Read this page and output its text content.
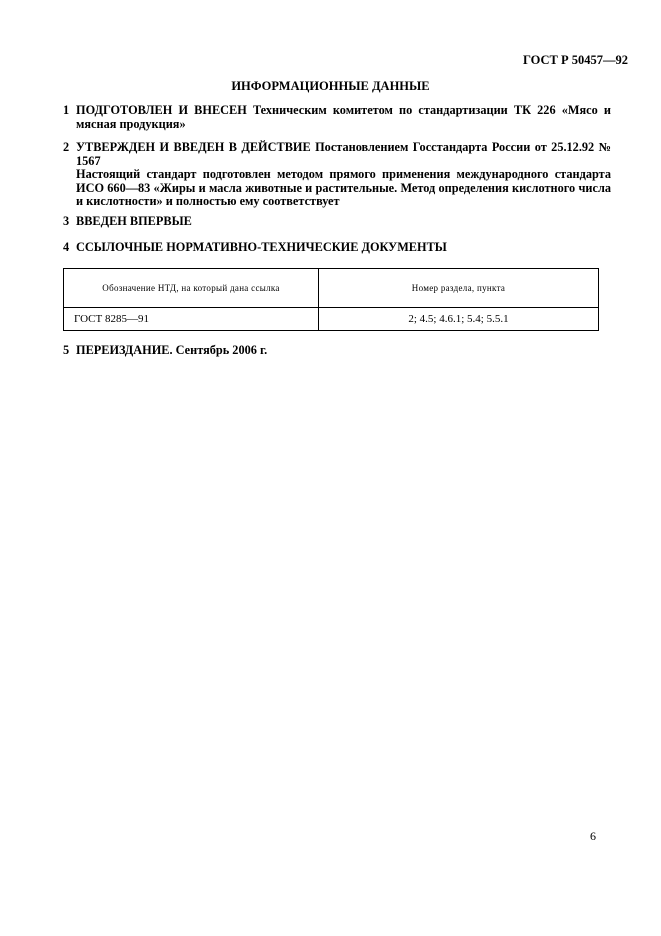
ГОСТ Р 50457—92
ИНФОРМАЦИОННЫЕ ДАННЫЕ
1 ПОДГОТОВЛЕН И ВНЕСЕН Техническим комитетом по стандартизации ТК 226 «Мясо и мясная продукция»

2 УТВЕРЖДЕН И ВВЕДЕН В ДЕЙСТВИЕ Постановлением Госстандарта России от 25.12.92 № 1567

Настоящий стандарт подготовлен методом прямого применения международного стандарта ИСО 660—83 «Жиры и масла животные и растительные. Метод определения кислотного числа и кислотности» и полностью ему соответствует

3 ВВЕДЕН ВПЕРВЫЕ

4 ССЫЛОЧНЫЕ НОРМАТИВНО-ТЕХНИЧЕСКИЕ ДОКУМЕНТЫ

Обозначение НТД, на который дана ссылка	Номер раздела, пункта
ГОСТ 8285—91	2; 4.5; 4.6.1; 5.4; 5.5.1
5 ПЕРЕИЗДАНИЕ. Сентябрь 2006 г.

6
